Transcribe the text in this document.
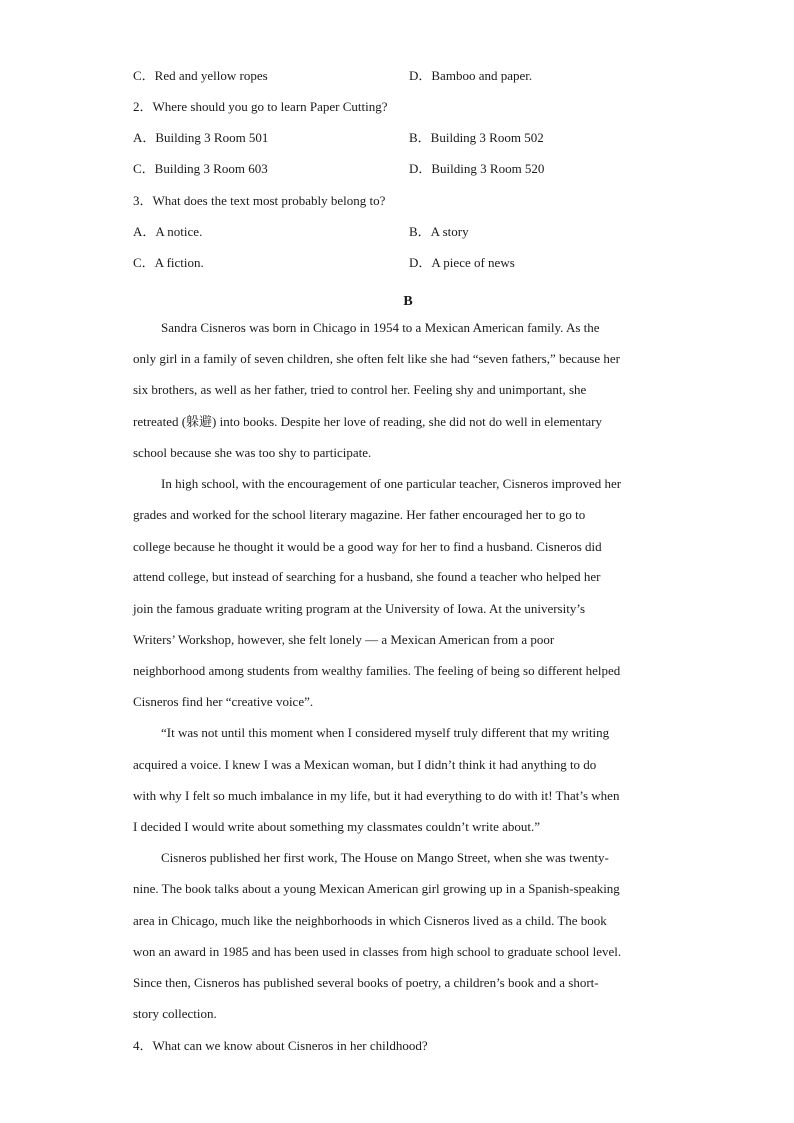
C．Red and yellow ropes	D．Bamboo and paper.
2．Where should you go to learn Paper Cutting?
A．Building 3 Room 501	B．Building 3 Room 502
C．Building 3 Room 603	D．Building 3 Room 520
3．What does the text most probably belong to?
A．A notice.	B．A story
C．A fiction.	D．A piece of news
B
Sandra Cisneros was born in Chicago in 1954 to a Mexican American family. As the
only girl in a family of seven children, she often felt like she had “seven fathers,” because her
six brothers, as well as her father, tried to control her. Feeling shy and unimportant, she
retreated (躲避) into books. Despite her love of reading, she did not do well in elementary
school because she was too shy to participate.
In high school, with the encouragement of one particular teacher, Cisneros improved her
grades and worked for the school literary magazine. Her father encouraged her to go to
college because he thought it would be a good way for her to find a husband. Cisneros did
attend college, but instead of searching for a husband, she found a teacher who helped her
join the famous graduate writing program at the University of Iowa. At the university’s
Writers’ Workshop, however, she felt lonely — a Mexican American from a poor
neighborhood among students from wealthy families. The feeling of being so different helped
Cisneros find her “creative voice”.
“It was not until this moment when I considered myself truly different that my writing
acquired a voice. I knew I was a Mexican woman, but I didn’t think it had anything to do
with why I felt so much imbalance in my life, but it had everything to do with it! That’s when
I decided I would write about something my classmates couldn’t write about.”
Cisneros published her first work, The House on Mango Street, when she was twenty-
nine. The book talks about a young Mexican American girl growing up in a Spanish-speaking
area in Chicago, much like the neighborhoods in which Cisneros lived as a child. The book
won an award in 1985 and has been used in classes from high school to graduate school level.
Since then, Cisneros has published several books of poetry, a children’s book and a short-
story collection.
4．What can we know about Cisneros in her childhood?
